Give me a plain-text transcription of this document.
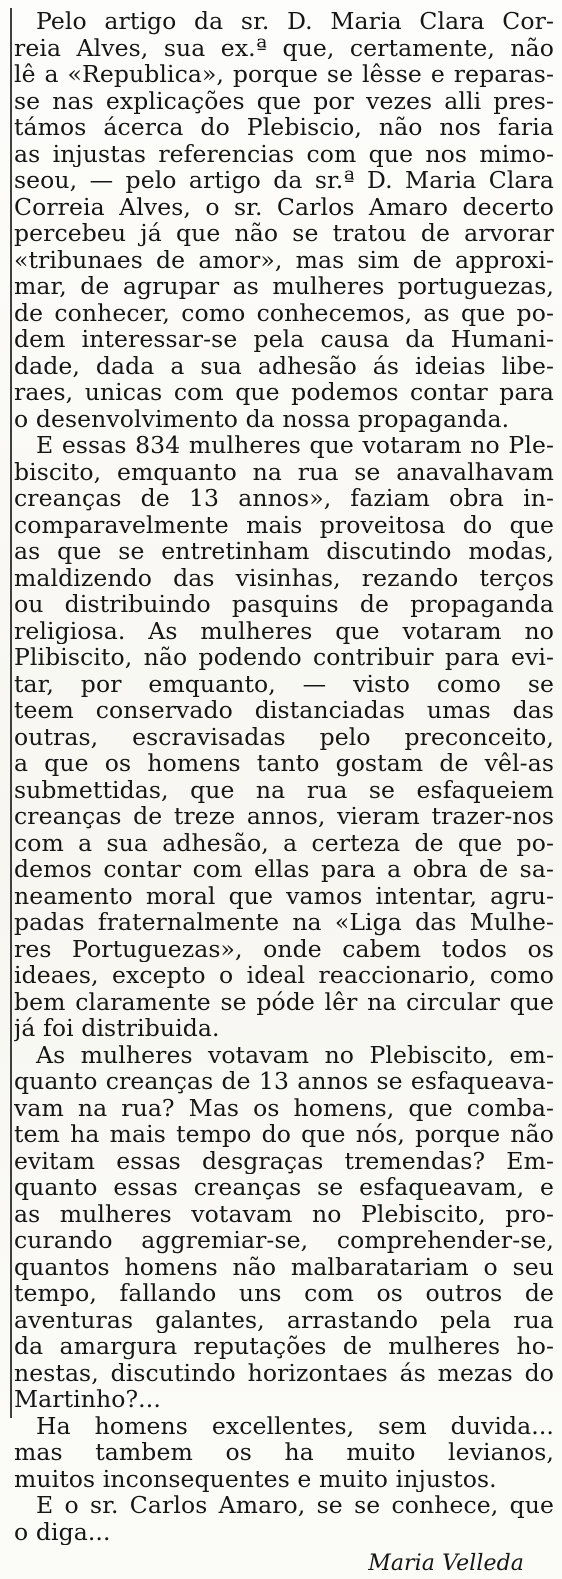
Pelo artigo da sr. D. Maria Clara Cor-
reia Alves, sua ex.ª que, certamente, não
lê a «Republica», porque se lêsse e reparas-
se nas explicações que por vezes alli pres-
támos ácerca do Plebiscio, não nos faria
as injustas referencias com que nos mimo-
seou, — pelo artigo da sr.ª D. Maria Clara
Correia Alves, o sr. Carlos Amaro decerto
percebeu já que não se tratou de arvorar
«tribunaes de amor», mas sim de approxi-
mar, de agrupar as mulheres portuguezas,
de conhecer, como conhecemos, as que po-
dem interessar-se pela causa da Humani-
dade, dada a sua adhesão ás ideias libe-
raes, unicas com que podemos contar para
o desenvolvimento da nossa propaganda.
E essas 834 mulheres que votaram no Ple-
biscito, emquanto na rua se anavalhavam
creanças de 13 annos», faziam obra in-
comparavelmente mais proveitosa do que
as que se entretinham discutindo modas,
maldizendo das visinhas, rezando terços
ou distribuindo pasquins de propaganda
religiosa. As mulheres que votaram no
Plibiscito, não podendo contribuir para evi-
tar, por emquanto, — visto como se
teem conservado distanciadas umas das
outras, escravisadas pelo preconceito,
a que os homens tanto gostam de vêl-as
submettidas, que na rua se esfaqueiem
creanças de treze annos, vieram trazer-nos
com a sua adhesão, a certeza de que po-
demos contar com ellas para a obra de sa-
neamento moral que vamos intentar, agru-
padas fraternalmente na «Liga das Mulhe-
res Portuguezas», onde cabem todos os
ideaes, excepto o ideal reaccionario, como
bem claramente se póde lêr na circular que
já foi distribuida.
As mulheres votavam no Plebiscito, em-
quanto creanças de 13 annos se esfaqueava-
vam na rua? Mas os homens, que comba-
tem ha mais tempo do que nós, porque não
evitam essas desgraças tremendas? Em-
quanto essas creanças se esfaqueavam, e
as mulheres votavam no Plebiscito, pro-
curando aggremiar-se, comprehender-se,
quantos homens não malbaratariam o seu
tempo, fallando uns com os outros de
aventuras galantes, arrastando pela rua
da amargura reputações de mulheres ho-
nestas, discutindo horizontaes ás mezas do
Martinho?...
Ha homens excellentes, sem duvida...
mas tambem os ha muito levianos,
muitos inconsequentes e muito injustos.
E o sr. Carlos Amaro, se se conhece, que
o diga...
Maria Velleda
